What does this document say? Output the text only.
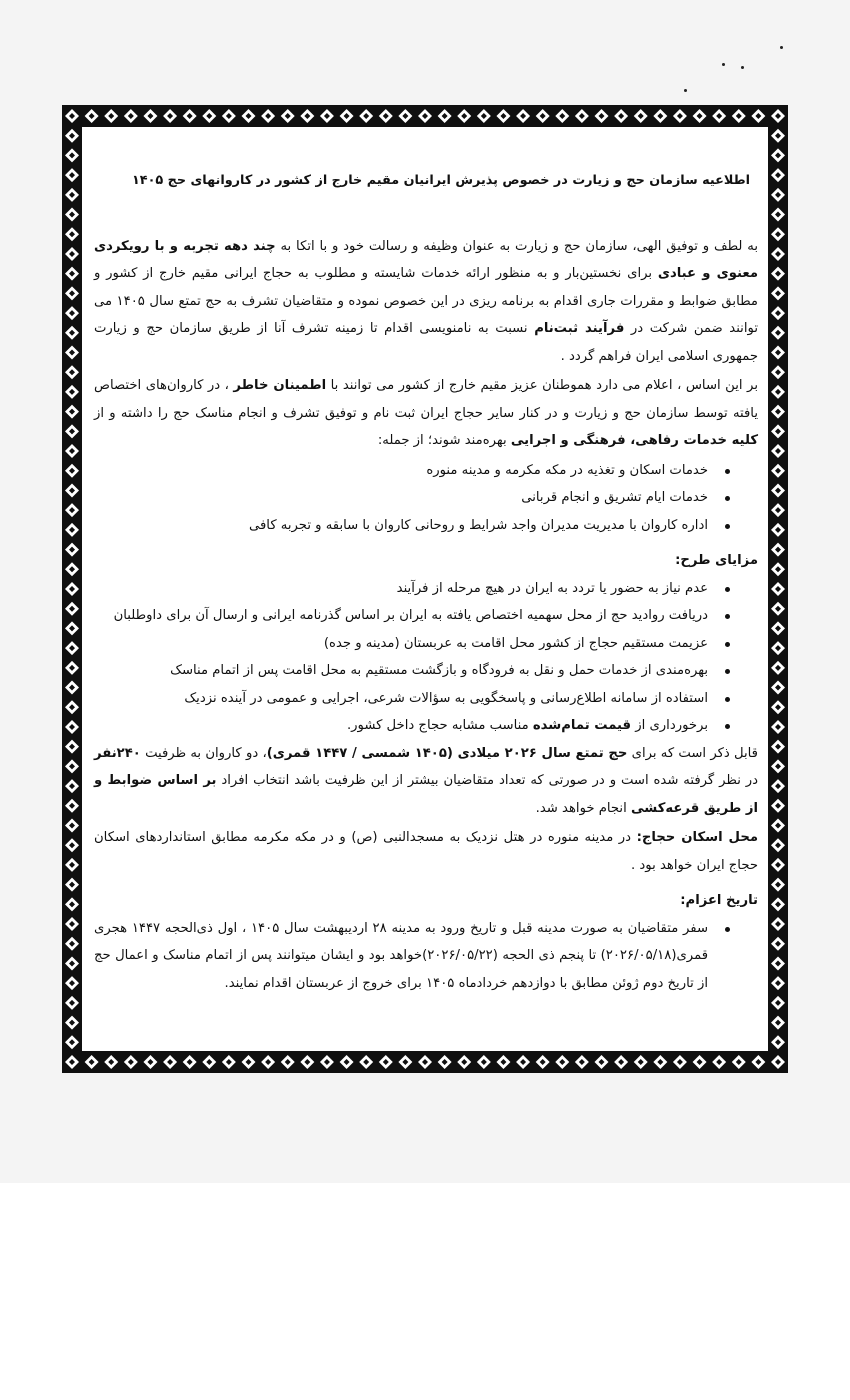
اطلاعیه سازمان حج و زیارت در خصوص پذیرش ایرانیان مقیم خارج از کشور در کاروانهای حج ۱۴۰۵

به لطف و توفیق الهی، سازمان حج و زیارت به عنوان وظیفه و رسالت خود و با اتکا به چند دهه تجربه و با رویکردی معنوی و عبادی برای نخستین‌بار و به منظور ارائه خدمات شایسته و مطلوب به حجاج ایرانی مقیم خارج از کشور و مطابق ضوابط و مقررات جاری اقدام به برنامه ریزی در این خصوص نموده و متقاضیان تشرف به حج تمتع سال ۱۴۰۵ می توانند ضمن شرکت در فرآیند ثبت‌نام نسبت به نامنویسی اقدام تا زمینه تشرف آنا از طریق سازمان حج و زیارت جمهوری اسلامی ایران فراهم گردد .

بر این اساس ، اعلام می دارد هموطنان عزیز مقیم خارج از کشور می توانند با اطمینان خاطر ، در کاروان‌های اختصاص یافته توسط سازمان حج و زیارت و در کنار سایر حجاج ایران ثبت نام و توفیق تشرف و انجام مناسک حج را داشته و از کلیه خدمات رفاهی، فرهنگی و اجرایی بهره‌مند شوند؛ از جمله:

خدمات اسکان و تغذیه در مکه مکرمه و مدینه منوره
خدمات ایام تشریق و انجام قربانی
اداره کاروان با مدیریت مدیران واجد شرایط و روحانی کاروان با سابقه و تجربه کافی

مزایای طرح:

عدم نیاز به حضور یا تردد به ایران در هیچ مرحله از فرآیند
دریافت روادید حج از محل سهمیه اختصاص یافته به ایران بر اساس گذرنامه ایرانی و ارسال آن برای داوطلبان
عزیمت مستقیم حجاج از کشور محل اقامت به عربستان (مدینه و جده)
بهره‌مندی از خدمات حمل و نقل به فرودگاه و بازگشت مستقیم به محل اقامت پس از اتمام مناسک
استفاده از سامانه اطلاع‌رسانی و پاسخگویی به سؤالات شرعی، اجرایی و عمومی در آینده نزدیک
برخورداری از قیمت تمام‌شده مناسب مشابه حجاج داخل کشور.

قابل ذکر است که برای حج تمتع سال ۲۰۲۶ میلادی (۱۴۰۵ شمسی / ۱۴۴۷ قمری)، دو کاروان به ظرفیت ۲۴۰نفر در نظر گرفته شده است و در صورتی که تعداد متقاضیان بیشتر از این ظرفیت باشد انتخاب افراد بر اساس ضوابط و از طریق قرعه‌کشی انجام خواهد شد.

محل اسکان حجاج: در مدینه منوره در هتل نزدیک به مسجدالنبی (ص) و در مکه مکرمه مطابق استانداردهای اسکان حجاج ایران خواهد بود .

تاریخ اعزام:

سفر متقاضیان به صورت مدینه قبل و تاریخ ورود به مدینه ۲۸ اردیبهشت سال ۱۴۰۵ ، اول ذی‌الحجه ۱۴۴۷ هجری قمری(۲۰۲۶/۰۵/۱۸) تا پنجم ذی الحجه (۲۰۲۶/۰۵/۲۲)خواهد بود و ایشان میتوانند پس از اتمام مناسک و اعمال حج از تاریخ دوم ژوئن مطابق با دوازدهم خردادماه ۱۴۰۵ برای خروج از عربستان اقدام نمایند.
